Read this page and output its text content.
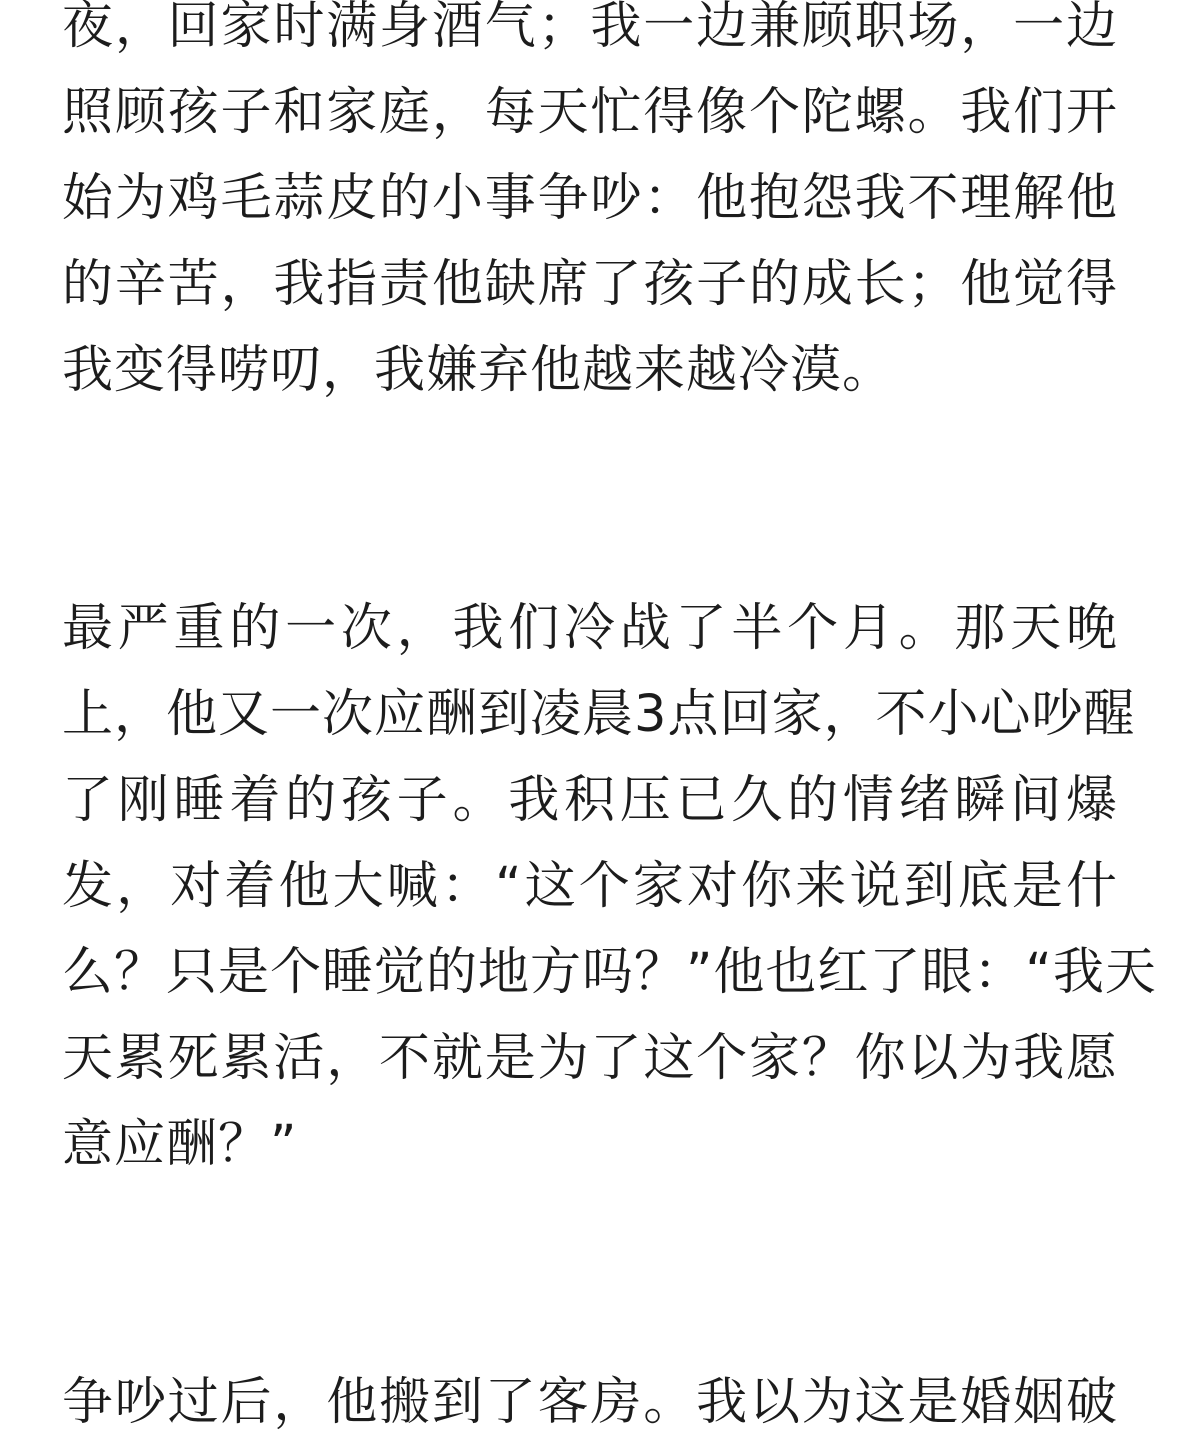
夜，回家时满身酒气；我一边兼顾职场，一边
照顾孩子和家庭，每天忙得像个陀螺。我们开
始为鸡毛蒜皮的小事争吵：他抱怨我不理解他
的辛苦，我指责他缺席了孩子的成长；他觉得
我变得唠叨，我嫌弃他越来越冷漠。
最严重的一次，我们冷战了半个月。那天晚
上，他又一次应酬到凌晨3点回家，不小心吵醒
了刚睡着的孩子。我积压已久的情绪瞬间爆
发，对着他大喊：“这个家对你来说到底是什
么？只是个睡觉的地方吗？”他也红了眼：“我天
天累死累活，不就是为了这个家？你以为我愿
意应酬？”
争吵过后，他搬到了客房。我以为这是婚姻破
